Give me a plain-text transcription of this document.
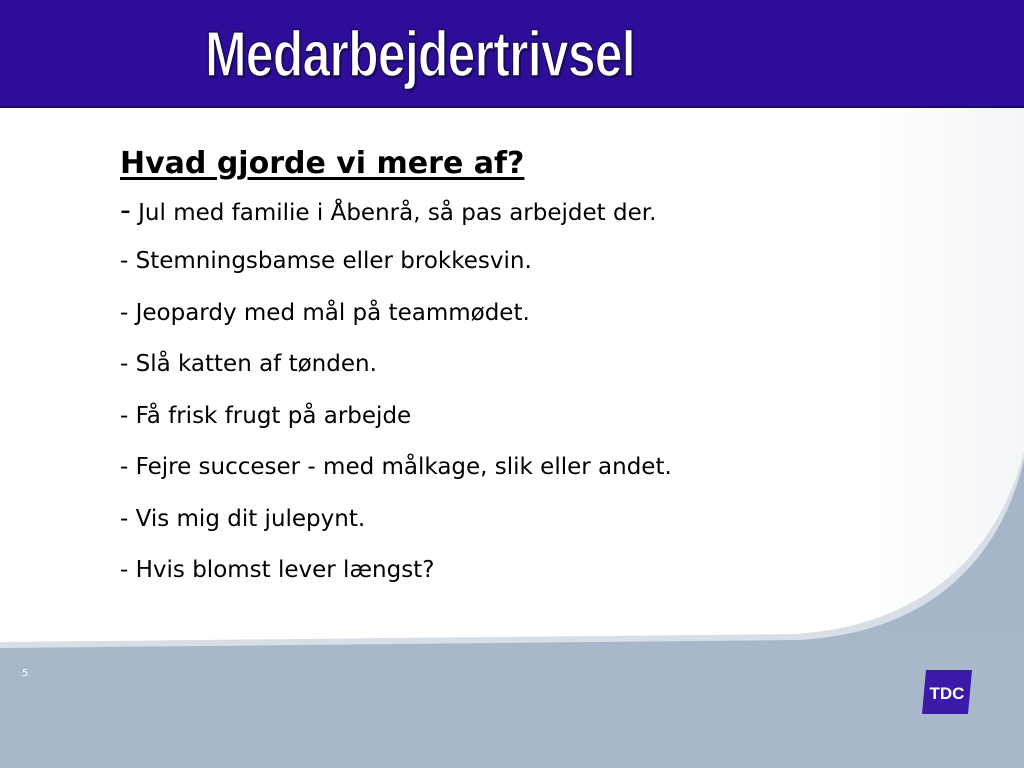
Medarbejdertrivsel
Hvad gjorde vi mere af?
- Jul med familie i Åbenrå, så pas arbejdet der.
- Stemningsbamse eller brokkesvin.
- Jeopardy med mål på teammødet.
- Slå katten af tønden.
- Få frisk frugt på arbejde
- Fejre succeser - med målkage, slik eller andet.
- Vis mig dit julepynt.
- Hvis blomst lever længst?
5
TDC
